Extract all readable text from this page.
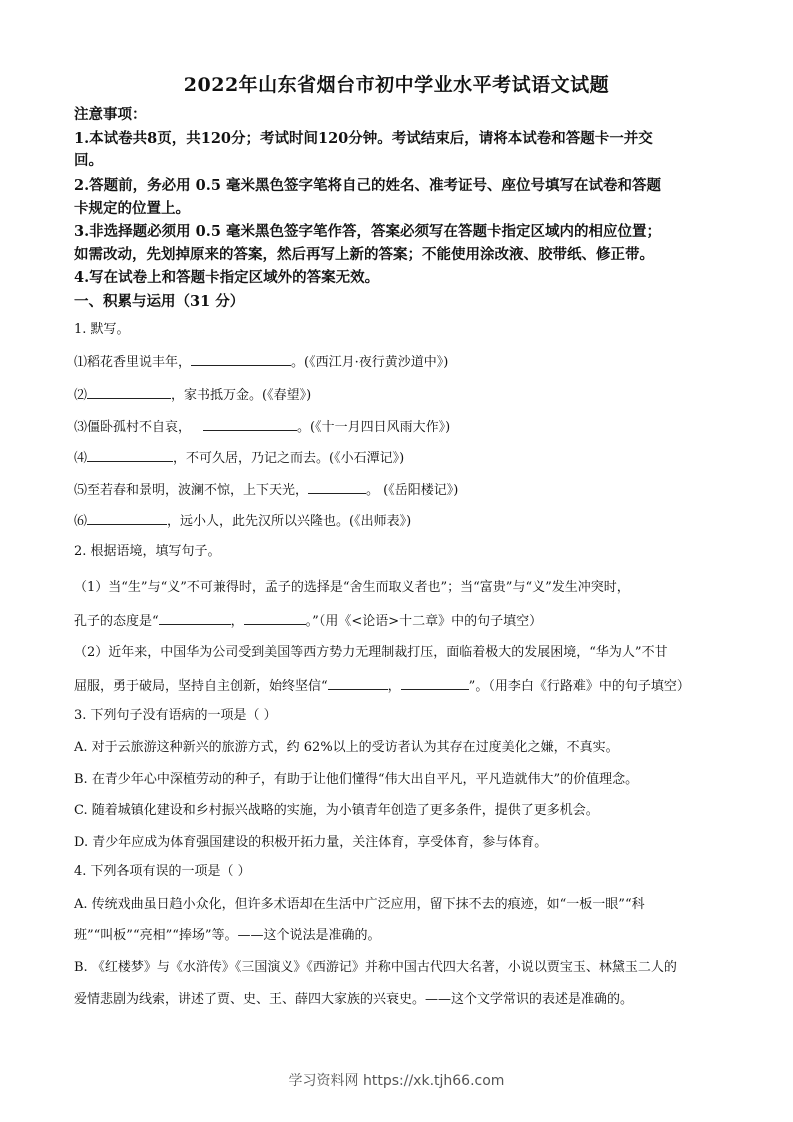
2022年山东省烟台市初中学业水平考试语文试题
注意事项：
1.本试卷共8页，共120分；考试时间120分钟。考试结束后，请将本试卷和答题卡一并交
回。
2.答题前，务必用 0.5 毫米黑色签字笔将自己的姓名、准考证号、座位号填写在试卷和答题
卡规定的位置上。
3.非选择题必须用 0.5 毫米黑色签字笔作答，答案必须写在答题卡指定区域内的相应位置；
如需改动，先划掉原来的答案，然后再写上新的答案；不能使用涂改液、胶带纸、修正带。
4.写在试卷上和答题卡指定区域外的答案无效。
一、积累与运用（31 分）
1. 默写。
⑴稻花香里说丰年，	。(《西江月·夜行黄沙道中》)
⑵	，家书抵万金。(《春望》)
⑶僵卧孤村不自哀，	。(《十一月四日风雨大作》)
⑷	，不可久居，乃记之而去。(《小石潭记》)
⑸至若春和景明，波澜不惊，上下天光，	。 (《岳阳楼记》)
⑹	，远小人，此先汉所以兴隆也。(《出师表》)
2. 根据语境，填写句子。
（1）当“生”与“义”不可兼得时，孟子的选择是“舍生而取义者也”；当“富贵”与“义”发生冲突时，
孔子的态度是“	，	。”（用《<论语>十二章》中的句子填空）
（2）近年来，中国华为公司受到美国等西方势力无理制裁打压，面临着极大的发展困境，“华为人”不甘
屈服，勇于破局，坚持自主创新，始终坚信“	，	”。（用李白《行路难》中的句子填空）
3. 下列句子没有语病的一项是（ ）
A. 对于云旅游这种新兴的旅游方式，约 62%以上的受访者认为其存在过度美化之嫌，不真实。
B. 在青少年心中深植劳动的种子，有助于让他们懂得“伟大出自平凡，平凡造就伟大”的价值理念。
C. 随着城镇化建设和乡村振兴战略的实施，为小镇青年创造了更多条件，提供了更多机会。
D. 青少年应成为体育强国建设的积极开拓力量，关注体育，享受体育，参与体育。
4. 下列各项有误的一项是（ ）
A. 传统戏曲虽日趋小众化，但许多术语却在生活中广泛应用，留下抹不去的痕迹，如“一板一眼”“科
班”“叫板”“亮相”“捧场”等。——这个说法是准确的。
B. 《红楼梦》与《水浒传》《三国演义》《西游记》并称中国古代四大名著，小说以贾宝玉、林黛玉二人的
爱情悲剧为线索，讲述了贾、史、王、薛四大家族的兴衰史。——这个文学常识的表述是准确的。
学习资料网 https://xk.tjh66.com
